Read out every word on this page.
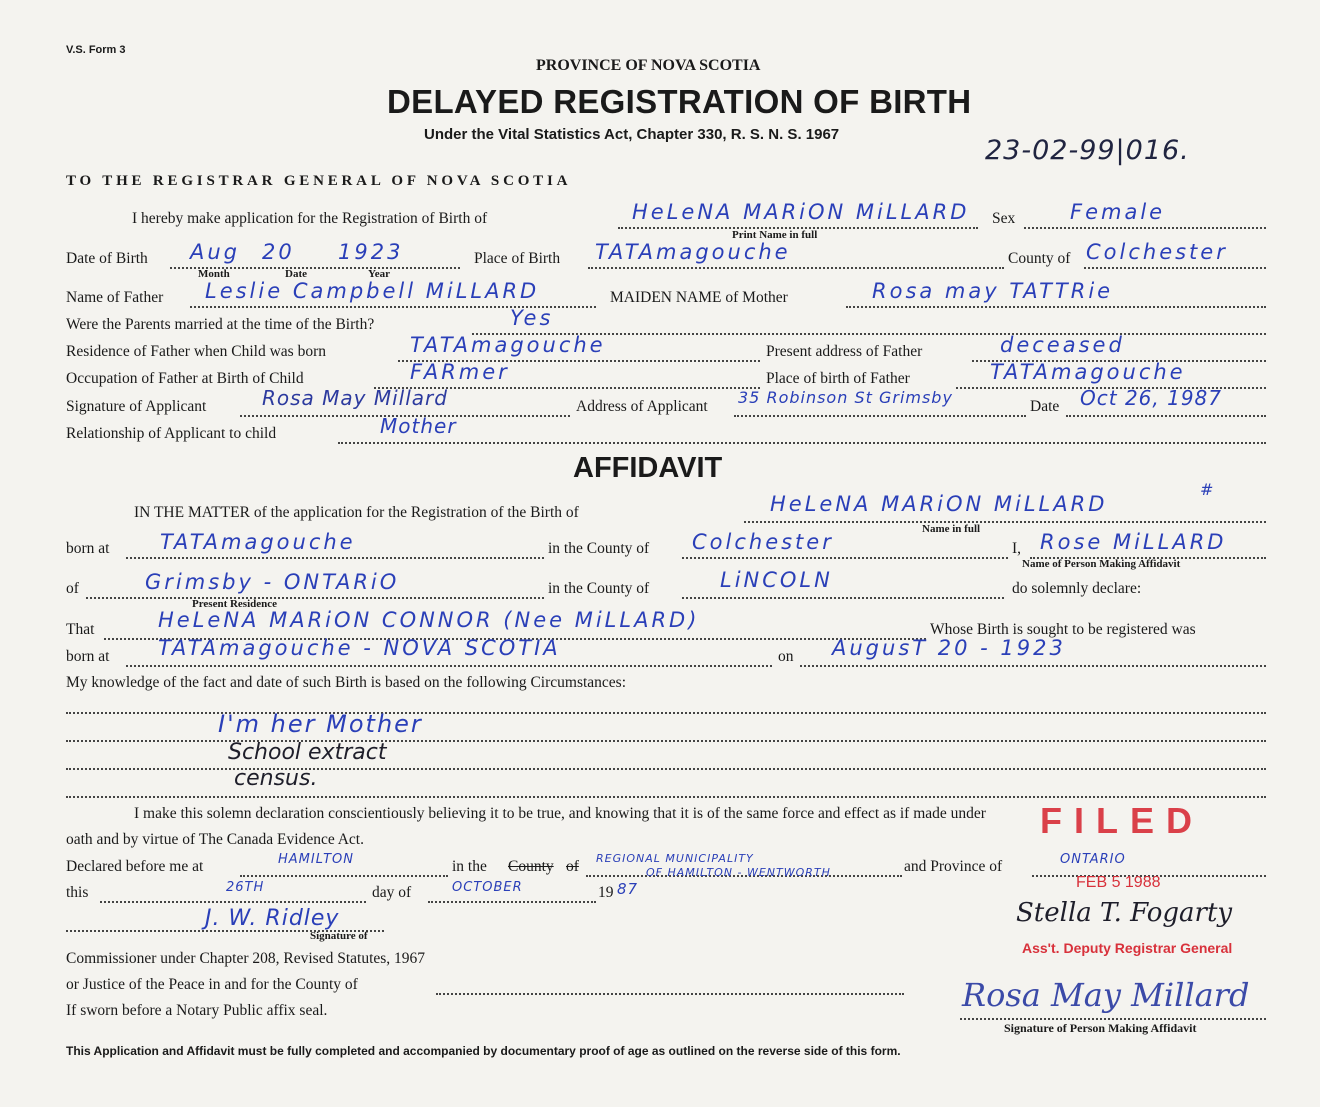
V.S. Form 3
PROVINCE OF NOVA SCOTIA
DELAYED REGISTRATION OF BIRTH
Under the Vital Statistics Act, Chapter 330, R. S. N. S. 1967
23-02-99|016.
TO THE REGISTRAR GENERAL OF NOVA SCOTIA
I hereby make application for the Registration of Birth of	HeLeNA MARiON MiLLARD Sex	Female
Print Name in full
Date of Birth Aug 20 1923
Month	Date	Year
Place of Birth TATAmagouche	County of Colchester
Name of Father Leslie Campbell MiLLARD	MAIDEN NAME of Mother	Rosa may TATTRie
Were the Parents married at the time of the Birth?	Yes
Residence of Father when Child was born	TATAmagouche	Present address of Father	deceased
Occupation of Father at Birth of Child	FARmer	Place of birth of Father	TATAmagouche
Signature of Applicant	Rosa May Millard	Address of Applicant 35 Robinson St Grimsby	Date Oct 26, 1987
Relationship of Applicant to child	Mother
AFFIDAVIT
IN THE MATTER of the application for the Registration of the Birth of	HeLeNA MARiON MiLLARD
#
Name in full
born at TATAmagouche	in the County of Colchester	I, Rose MiLLARD
Name of Person Making Affidavit
of	Grimsby - ONTARiO
Present Residence
in the County of	LiNCOLN	do solemnly declare:
That	HeLeNA MARiON CONNOR (Nee MiLLARD)	Whose Birth is sought to be registered was
born at TATAmagouche - NOVA SCOTIA	on AugusT 20 - 1923
My knowledge of the fact and date of such Birth is based on the following Circumstances:
I'm her Mother
School extract
census.
I make this solemn declaration conscientiously believing it to be true, and knowing that it is of the same force and effect as if made under
oath and by virtue of The Canada Evidence Act.	FILED
Declared before me at	HAMILTON	in the County of REGIONAL MUNICIPALITY
OF HAMILTON - WENTWORTH	and Province of	ONTARIO
this	26TH	day of	OCTOBER	19 87	FEB 5 1988
J. W. Ridley
Signature of
Stella T. Fogarty
Ass't. Deputy Registrar General
Commissioner under Chapter 208, Revised Statutes, 1967
or Justice of the Peace in and for the County of
If sworn before a Notary Public affix seal.	Rosa May Millard
Signature of Person Making Affidavit
This Application and Affidavit must be fully completed and accompanied by documentary proof of age as outlined on the reverse side of this form.
